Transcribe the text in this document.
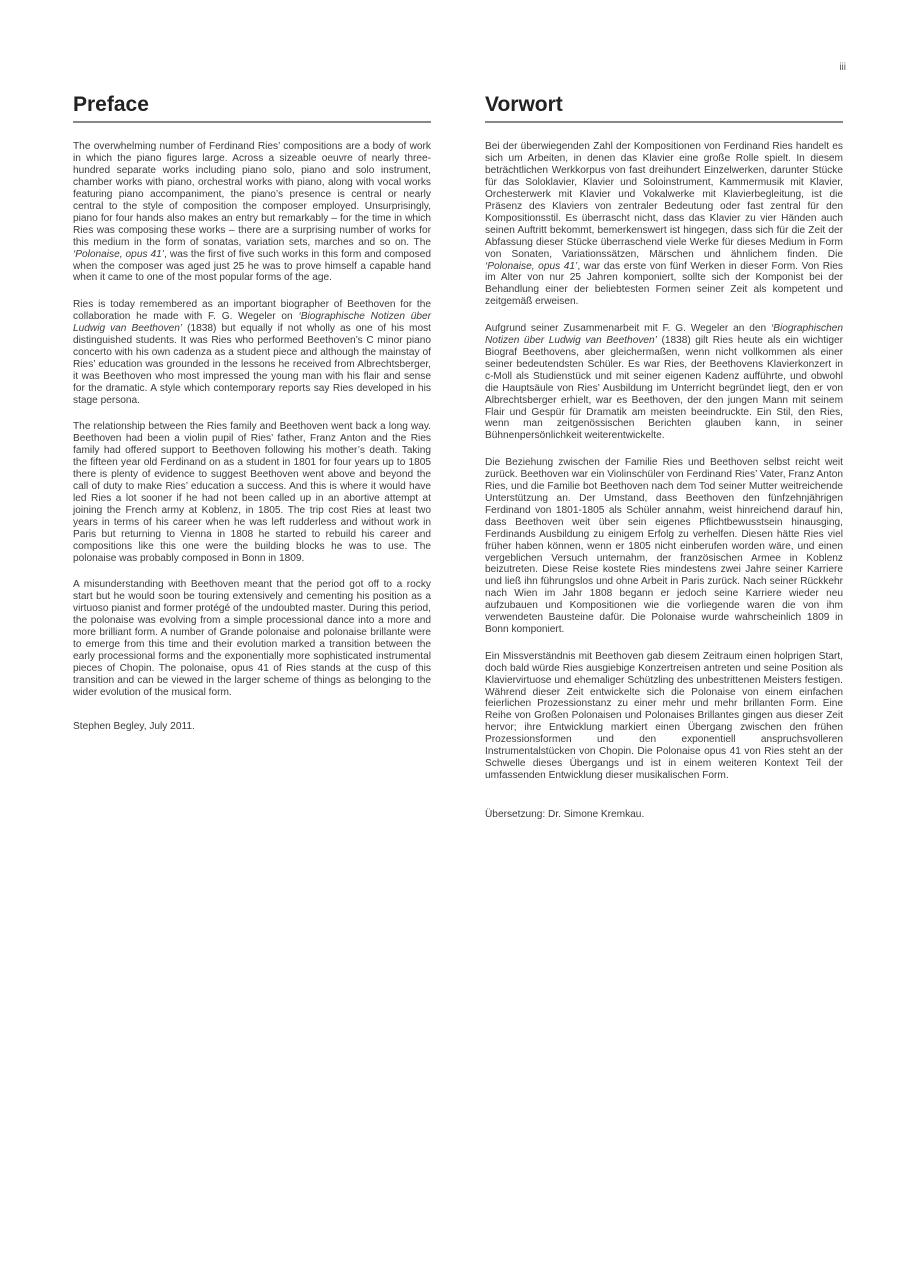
iii
Preface

The overwhelming number of Ferdinand Ries’ compositions are a body of work in which the piano figures large. Across a sizeable oeuvre of nearly three-hundred separate works including piano solo, piano and solo instrument, chamber works with piano, orchestral works with piano, along with vocal works featuring piano accompaniment, the piano’s presence is central or nearly central to the style of composition the composer employed. Unsurprisingly, piano for four hands also makes an entry but remarkably – for the time in which Ries was composing these works – there are a surprising number of works for this medium in the form of sonatas, variation sets, marches and so on. The ‘Polonaise, opus 41’, was the first of five such works in this form and composed when the composer was aged just 25 he was to prove himself a capable hand when it came to one of the most popular forms of the age.

Ries is today remembered as an important biographer of Beethoven for the collaboration he made with F. G. Wegeler on ‘Biographische Notizen über Ludwig van Beethoven’ (1838) but equally if not wholly as one of his most distinguished students. It was Ries who performed Beethoven’s C minor piano concerto with his own cadenza as a student piece and although the mainstay of Ries’ education was grounded in the lessons he received from Albrechtsberger, it was Beethoven who most impressed the young man with his flair and sense for the dramatic. A style which contemporary reports say Ries developed in his stage persona.

The relationship between the Ries family and Beethoven went back a long way. Beethoven had been a violin pupil of Ries’ father, Franz Anton and the Ries family had offered support to Beethoven following his mother’s death. Taking the fifteen year old Ferdinand on as a student in 1801 for four years up to 1805 there is plenty of evidence to suggest Beethoven went above and beyond the call of duty to make Ries’ education a success. And this is where it would have led Ries a lot sooner if he had not been called up in an abortive attempt at joining the French army at Koblenz, in 1805. The trip cost Ries at least two years in terms of his career when he was left rudderless and without work in Paris but returning to Vienna in 1808 he started to rebuild his career and compositions like this one were the building blocks he was to use. The polonaise was probably composed in Bonn in 1809.

A misunderstanding with Beethoven meant that the period got off to a rocky start but he would soon be touring extensively and cementing his position as a virtuoso pianist and former protégé of the undoubted master. During this period, the polonaise was evolving from a simple processional dance into a more and more brilliant form. A number of Grande polonaise and polonaise brillante were to emerge from this time and their evolution marked a transition between the early processional forms and the exponentially more sophisticated instrumental pieces of Chopin. The polonaise, opus 41 of Ries stands at the cusp of this transition and can be viewed in the larger scheme of things as belonging to the wider evolution of the musical form.

Stephen Begley, July 2011.

Vorwort

Bei der überwiegenden Zahl der Kompositionen von Ferdinand Ries handelt es sich um Arbeiten, in denen das Klavier eine große Rolle spielt. In diesem beträchtlichen Werkkorpus von fast dreihundert Einzelwerken, darunter Stücke für das Soloklavier, Klavier und Soloinstrument, Kammermusik mit Klavier, Orchesterwerk mit Klavier und Vokalwerke mit Klavierbegleitung, ist die Präsenz des Klaviers von zentraler Bedeutung oder fast zentral für den Kompositionsstil. Es überrascht nicht, dass das Klavier zu vier Händen auch seinen Auftritt bekommt, bemerkenswert ist hingegen, dass sich für die Zeit der Abfassung dieser Stücke überraschend viele Werke für dieses Medium in Form von Sonaten, Variationssätzen, Märschen und ähnlichem finden. Die ‘Polonaise, opus 41’, war das erste von fünf Werken in dieser Form. Von Ries im Alter von nur 25 Jahren komponiert, sollte sich der Komponist bei der Behandlung einer der beliebtesten Formen seiner Zeit als kompetent und zeitgemäß erweisen.

Aufgrund seiner Zusammenarbeit mit F. G. Wegeler an den ‘Biographischen Notizen über Ludwig van Beethoven’ (1838) gilt Ries heute als ein wichtiger Biograf Beethovens, aber gleichermaßen, wenn nicht vollkommen als einer seiner bedeutendsten Schüler. Es war Ries, der Beethovens Klavierkonzert in c-Moll als Studienstück und mit seiner eigenen Kadenz aufführte, und obwohl die Hauptsäule von Ries’ Ausbildung im Unterricht begründet liegt, den er von Albrechtsberger erhielt, war es Beethoven, der den jungen Mann mit seinem Flair und Gespür für Dramatik am meisten beeindruckte. Ein Stil, den Ries, wenn man zeitgenössischen Berichten glauben kann, in seiner Bühnenpersönlichkeit weiterentwickelte.

Die Beziehung zwischen der Familie Ries und Beethoven selbst reicht weit zurück. Beethoven war ein Violinschüler von Ferdinand Ries’ Vater, Franz Anton Ries, und die Familie bot Beethoven nach dem Tod seiner Mutter weitreichende Unterstützung an. Der Umstand, dass Beethoven den fünfzehnjährigen Ferdinand von 1801-1805 als Schüler annahm, weist hinreichend darauf hin, dass Beethoven weit über sein eigenes Pflichtbewusstsein hinausging, Ferdinands Ausbildung zu einigem Erfolg zu verhelfen. Diesen hätte Ries viel früher haben können, wenn er 1805 nicht einberufen worden wäre, und einen vergeblichen Versuch unternahm, der französischen Armee in Koblenz beizutreten. Diese Reise kostete Ries mindestens zwei Jahre seiner Karriere und ließ ihn führungslos und ohne Arbeit in Paris zurück. Nach seiner Rückkehr nach Wien im Jahr 1808 begann er jedoch seine Karriere wieder neu aufzubauen und Kompositionen wie die vorliegende waren die von ihm verwendeten Bausteine dafür. Die Polonaise wurde wahrscheinlich 1809 in Bonn komponiert.

Ein Missverständnis mit Beethoven gab diesem Zeitraum einen holprigen Start, doch bald würde Ries ausgiebige Konzertreisen antreten und seine Position als Klaviervirtuose und ehemaliger Schützling des unbestrittenen Meisters festigen. Während dieser Zeit entwickelte sich die Polonaise von einem einfachen feierlichen Prozessionstanz zu einer mehr und mehr brillanten Form. Eine Reihe von Großen Polonaisen und Polonaises Brillantes gingen aus dieser Zeit hervor; ihre Entwicklung markiert einen Übergang zwischen den frühen Prozessionsformen und den exponentiell anspruchsvolleren Instrumentalstücken von Chopin. Die Polonaise opus 41 von Ries steht an der Schwelle dieses Übergangs und ist in einem weiteren Kontext Teil der umfassenden Entwicklung dieser musikalischen Form.

Übersetzung: Dr. Simone Kremkau.
